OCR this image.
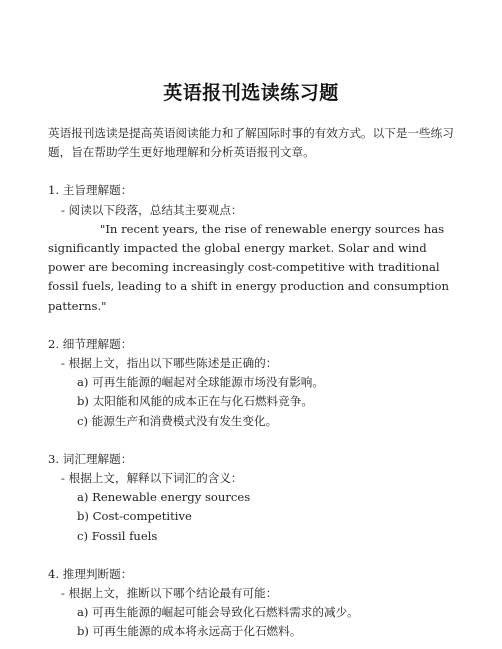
英语报刊选读练习题

英语报刊选读是提高英语阅读能力和了解国际时事的有效方式。以下是一些练习题，旨在帮助学生更好地理解和分析英语报刊文章。

1. 主旨理解题：

- 阅读以下段落，总结其主要观点：

"In recent years, the rise of renewable energy sources has significantly impacted the global energy market. Solar and wind power are becoming increasingly cost-competitive with traditional fossil fuels, leading to a shift in energy production and consumption patterns."

2. 细节理解题：

- 根据上文，指出以下哪些陈述是正确的：

a) 可再生能源的崛起对全球能源市场没有影响。

b) 太阳能和风能的成本正在与化石燃料竞争。

c) 能源生产和消费模式没有发生变化。

3. 词汇理解题：

- 根据上文，解释以下词汇的含义：

a) Renewable energy sources

b) Cost-competitive

c) Fossil fuels

4. 推理判断题：

- 根据上文，推断以下哪个结论最有可能：

a) 可再生能源的崛起可能会导致化石燃料需求的减少。

b) 可再生能源的成本将永远高于化石燃料。
